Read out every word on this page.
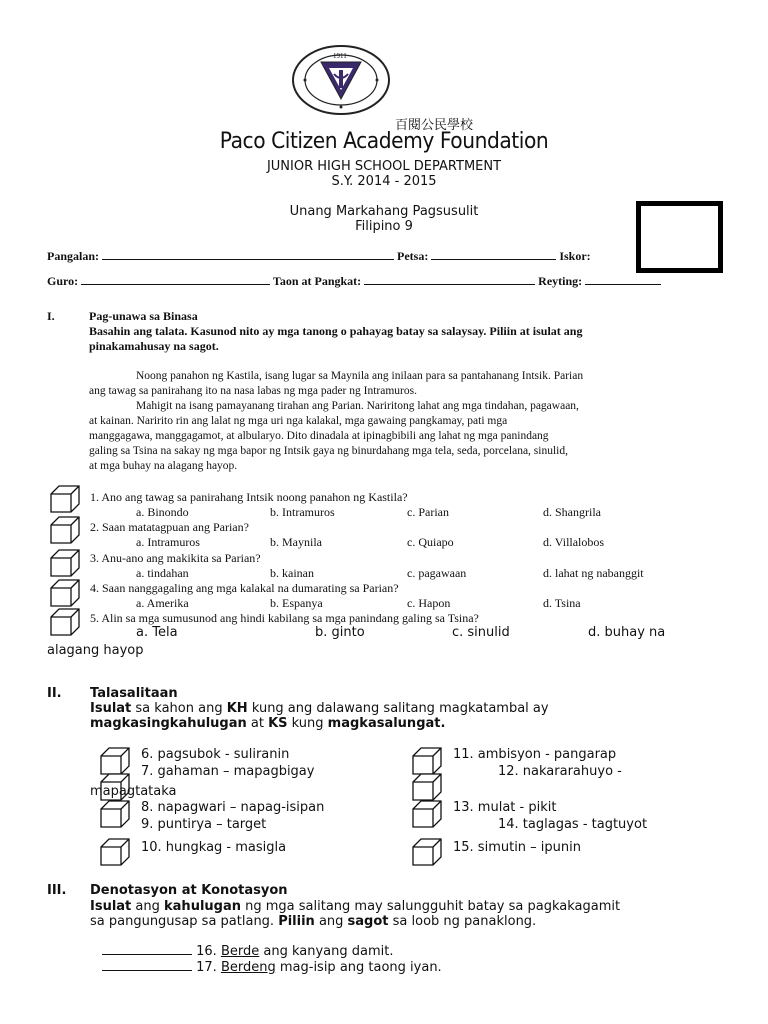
1911
百閱公民學校
Paco Citizen Academy Foundation
JUNIOR HIGH SCHOOL DEPARTMENT
S.Y. 2014 - 2015
Unang Markahang Pagsusulit
Filipino 9
Pangalan:	Petsa:	Iskor:
Guro:	Taon at Pangkat:	Reyting:
I.	Pag-unawa sa Binasa
Basahin ang talata. Kasunod nito ay mga tanong o pahayag batay sa salaysay. Piliin at isulat ang
pinakamahusay na sagot.
Noong panahon ng Kastila, isang lugar sa Maynila ang inilaan para sa pantahanang Intsik. Parian
ang tawag sa panirahang ito na nasa labas ng mga pader ng Intramuros.
Mahigit na isang pamayanang tirahan ang Parian. Nariritong lahat ang mga tindahan, pagawaan,
at kainan. Naririto rin ang lalat ng mga uri nga kalakal, mga gawaing pangkamay, pati mga
manggagawa, manggagamot, at albularyo. Dito dinadala at ipinagbibili ang lahat ng mga panindang
galing sa Tsina na sakay ng mga bapor ng Intsik gaya ng binurdahang mga tela, seda, porcelana, sinulid,
at mga buhay na alagang hayop.
1. Ano ang tawag sa panirahang Intsik noong panahon ng Kastila?
a. Binondo	b. Intramuros	c. Parian	d. Shangrila
2. Saan matatagpuan ang Parian?
a. Intramuros	b. Maynila	c. Quiapo	d. Villalobos
3. Anu-ano ang makikita sa Parian?
a. tindahan	b. kainan	c. pagawaan	d. lahat ng nabanggit
4. Saan nanggagaling ang mga kalakal na dumarating sa Parian?
a. Amerika	b. Espanya	c. Hapon	d. Tsina
5. Alin sa mga sumusunod ang hindi kabilang sa mga panindang galing sa Tsina?
a. Tela	b. ginto	c. sinulid	d. buhay na
alagang hayop
II. Talasalitaan
Isulat sa kahon ang KH kung ang dalawang salitang magkatambal ay
magkasingkahulugan at KS kung magkasalungat.
6. pagsubok - suliranin
7. gahaman – mapagbigay
mapagtataka
8. napagwari – napag-isipan
9. puntirya – target
10. hungkag - masigla
11. ambisyon - pangarap
12. nakararahuyo -
13. mulat - pikit
14. taglagas - tagtuyot
15. simutin – ipunin
III. Denotasyon at Konotasyon
Isulat ang kahulugan ng mga salitang may salungguhit batay sa pagkakagamit
sa pangungusap sa patlang. Piliin ang sagot sa loob ng panaklong.
16. Berde ang kanyang damit.
17. Berdeng mag-isip ang taong iyan.
